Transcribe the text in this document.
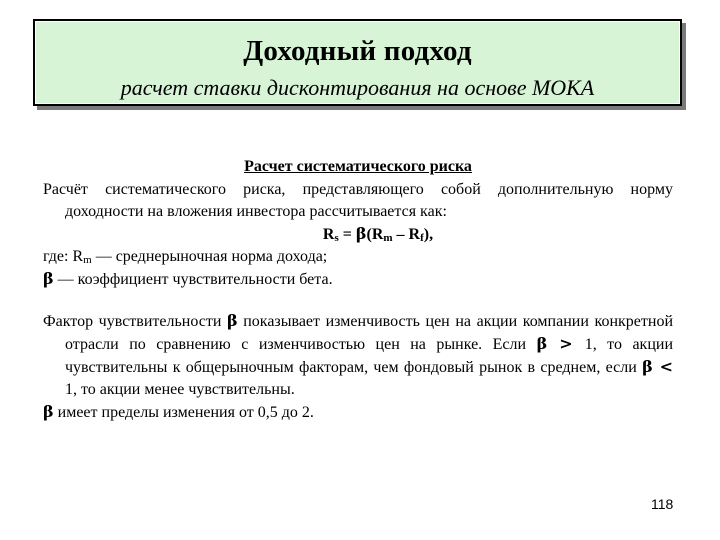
Доходный подход
расчет ставки дисконтирования на основе МОКА

Расчет систематического риска

Расчёт систематического риска, представляющего собой дополнительную норму доходности на вложения инвестора рассчитывается как:

$R_s = \beta(R_m - R_f)$,

где: $R_m$ — среднерыночная норма дохода;

β — коэффициент чувствительности бета.

Фактор чувствительности β показывает изменчивость цен на акции компании конкретной отрасли по сравнению с изменчивостью цен на рынке. Если β > 1, то акции чувствительны к общерыночным факторам, чем фондовый рынок в среднем, если β < 1, то акции менее чувствительны.

β имеет пределы изменения от 0,5 до 2.

118
